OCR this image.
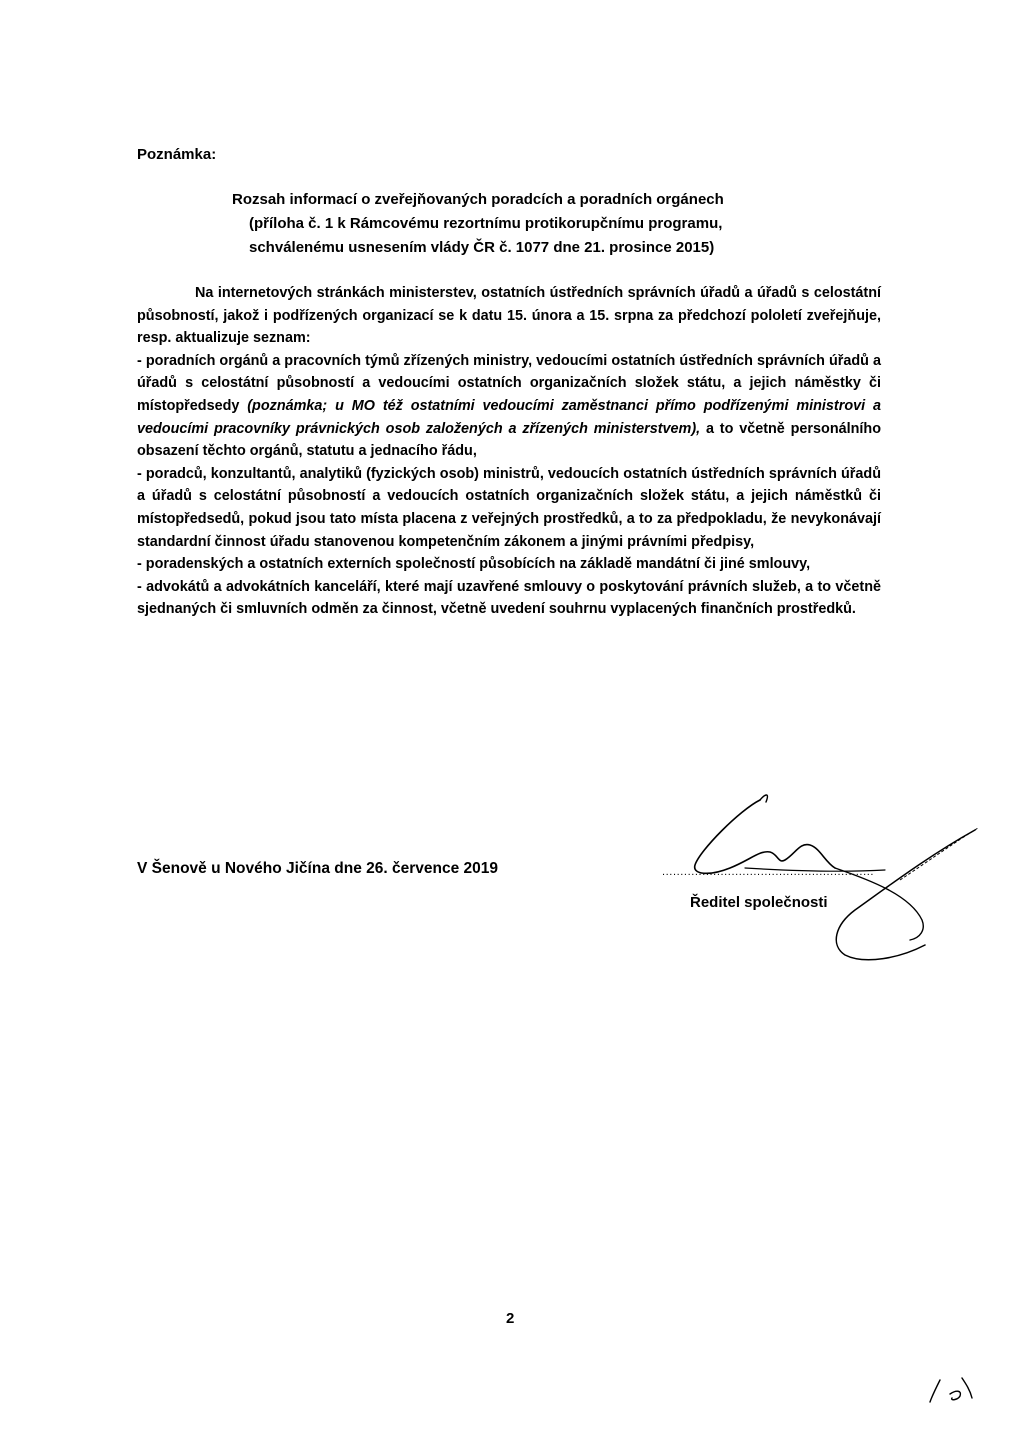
Poznámka:
Rozsah informací o zveřejňovaných poradcích a poradních orgánech
(příloha č. 1 k Rámcovému rezortnímu protikorupčnímu programu,
schválenému usnesením vlády ČR č. 1077 dne 21. prosince 2015)

Na internetových stránkách ministerstev, ostatních ústředních správních úřadů a úřadů s celostátní působností, jakož i podřízených organizací se k datu 15. února a 15. srpna za předchozí pololetí zveřejňuje, resp. aktualizuje seznam:

- poradních orgánů a pracovních týmů zřízených ministry, vedoucími ostatních ústředních správních úřadů a úřadů s celostátní působností a vedoucími ostatních organizačních složek státu, a jejich náměstky či místopředsedy (poznámka; u MO též ostatními vedoucími zaměstnanci přímo podřízenými ministrovi a vedoucími pracovníky právnických osob založených a zřízených ministerstvem), a to včetně personálního obsazení těchto orgánů, statutu a jednacího řádu,

- poradců, konzultantů, analytiků (fyzických osob) ministrů, vedoucích ostatních ústředních správních úřadů a úřadů s celostátní působností a vedoucích ostatních organizačních složek státu, a jejich náměstků či místopředsedů, pokud jsou tato místa placena z veřejných prostředků, a to za předpokladu, že nevykonávají standardní činnost úřadu stanovenou kompetenčním zákonem a jinými právními předpisy,

- poradenských a ostatních externích společností působících na základě mandátní či jiné smlouvy,

- advokátů a advokátních kanceláří, které mají uzavřené smlouvy o poskytování právních služeb, a to včetně sjednaných či smluvních odměn za činnost, včetně uvedení souhrnu vyplacených finančních prostředků.

V Šenově u Nového Jičína dne 26. července 2019	..........................................................
Ředitel společnosti
2
